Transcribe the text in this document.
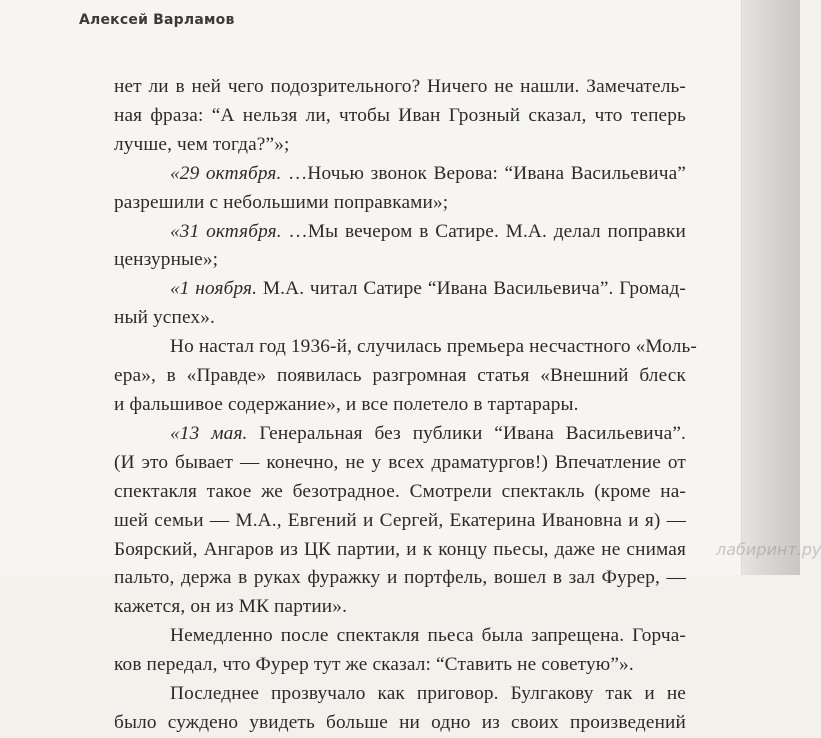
Алексей Варламов
нет ли в ней чего подозрительного? Ничего не нашли. Замечатель-
ная фраза: “А нельзя ли, чтобы Иван Грозный сказал, что теперь
лучше, чем тогда?”»;
«29 октября. …Ночью звонок Верова: “Ивана Васильевича”
разрешили с небольшими поправками»;
«31 октября. …Мы вечером в Сатире. М.А. делал поправки
цензурные»;
«1 ноября. М.А. читал Сатире “Ивана Васильевича”. Громад-
ный успех».
Но настал год 1936-й, случилась премьера несчастного «Моль-
ера», в «Правде» появилась разгромная статья «Внешний блеск
и фальшивое содержание», и все полетело в тартарары.
«13 мая. Генеральная без публики “Ивана Васильевича”.
(И это бывает — конечно, не у всех драматургов!) Впечатление от
спектакля такое же безотрадное. Смотрели спектакль (кроме на-
шей семьи — М.А., Евгений и Сергей, Екатерина Ивановна и я) —
Боярский, Ангаров из ЦК партии, и к концу пьесы, даже не снимая
пальто, держа в руках фуражку и портфель, вошел в зал Фурер, —
кажется, он из МК партии».
Немедленно после спектакля пьеса была запрещена. Горча-
ков передал, что Фурер тут же сказал: “Ставить не советую”».
Последнее прозвучало как приговор. Булгакову так и не
было суждено увидеть больше ни одно из своих произведений
лабиринт.ру
